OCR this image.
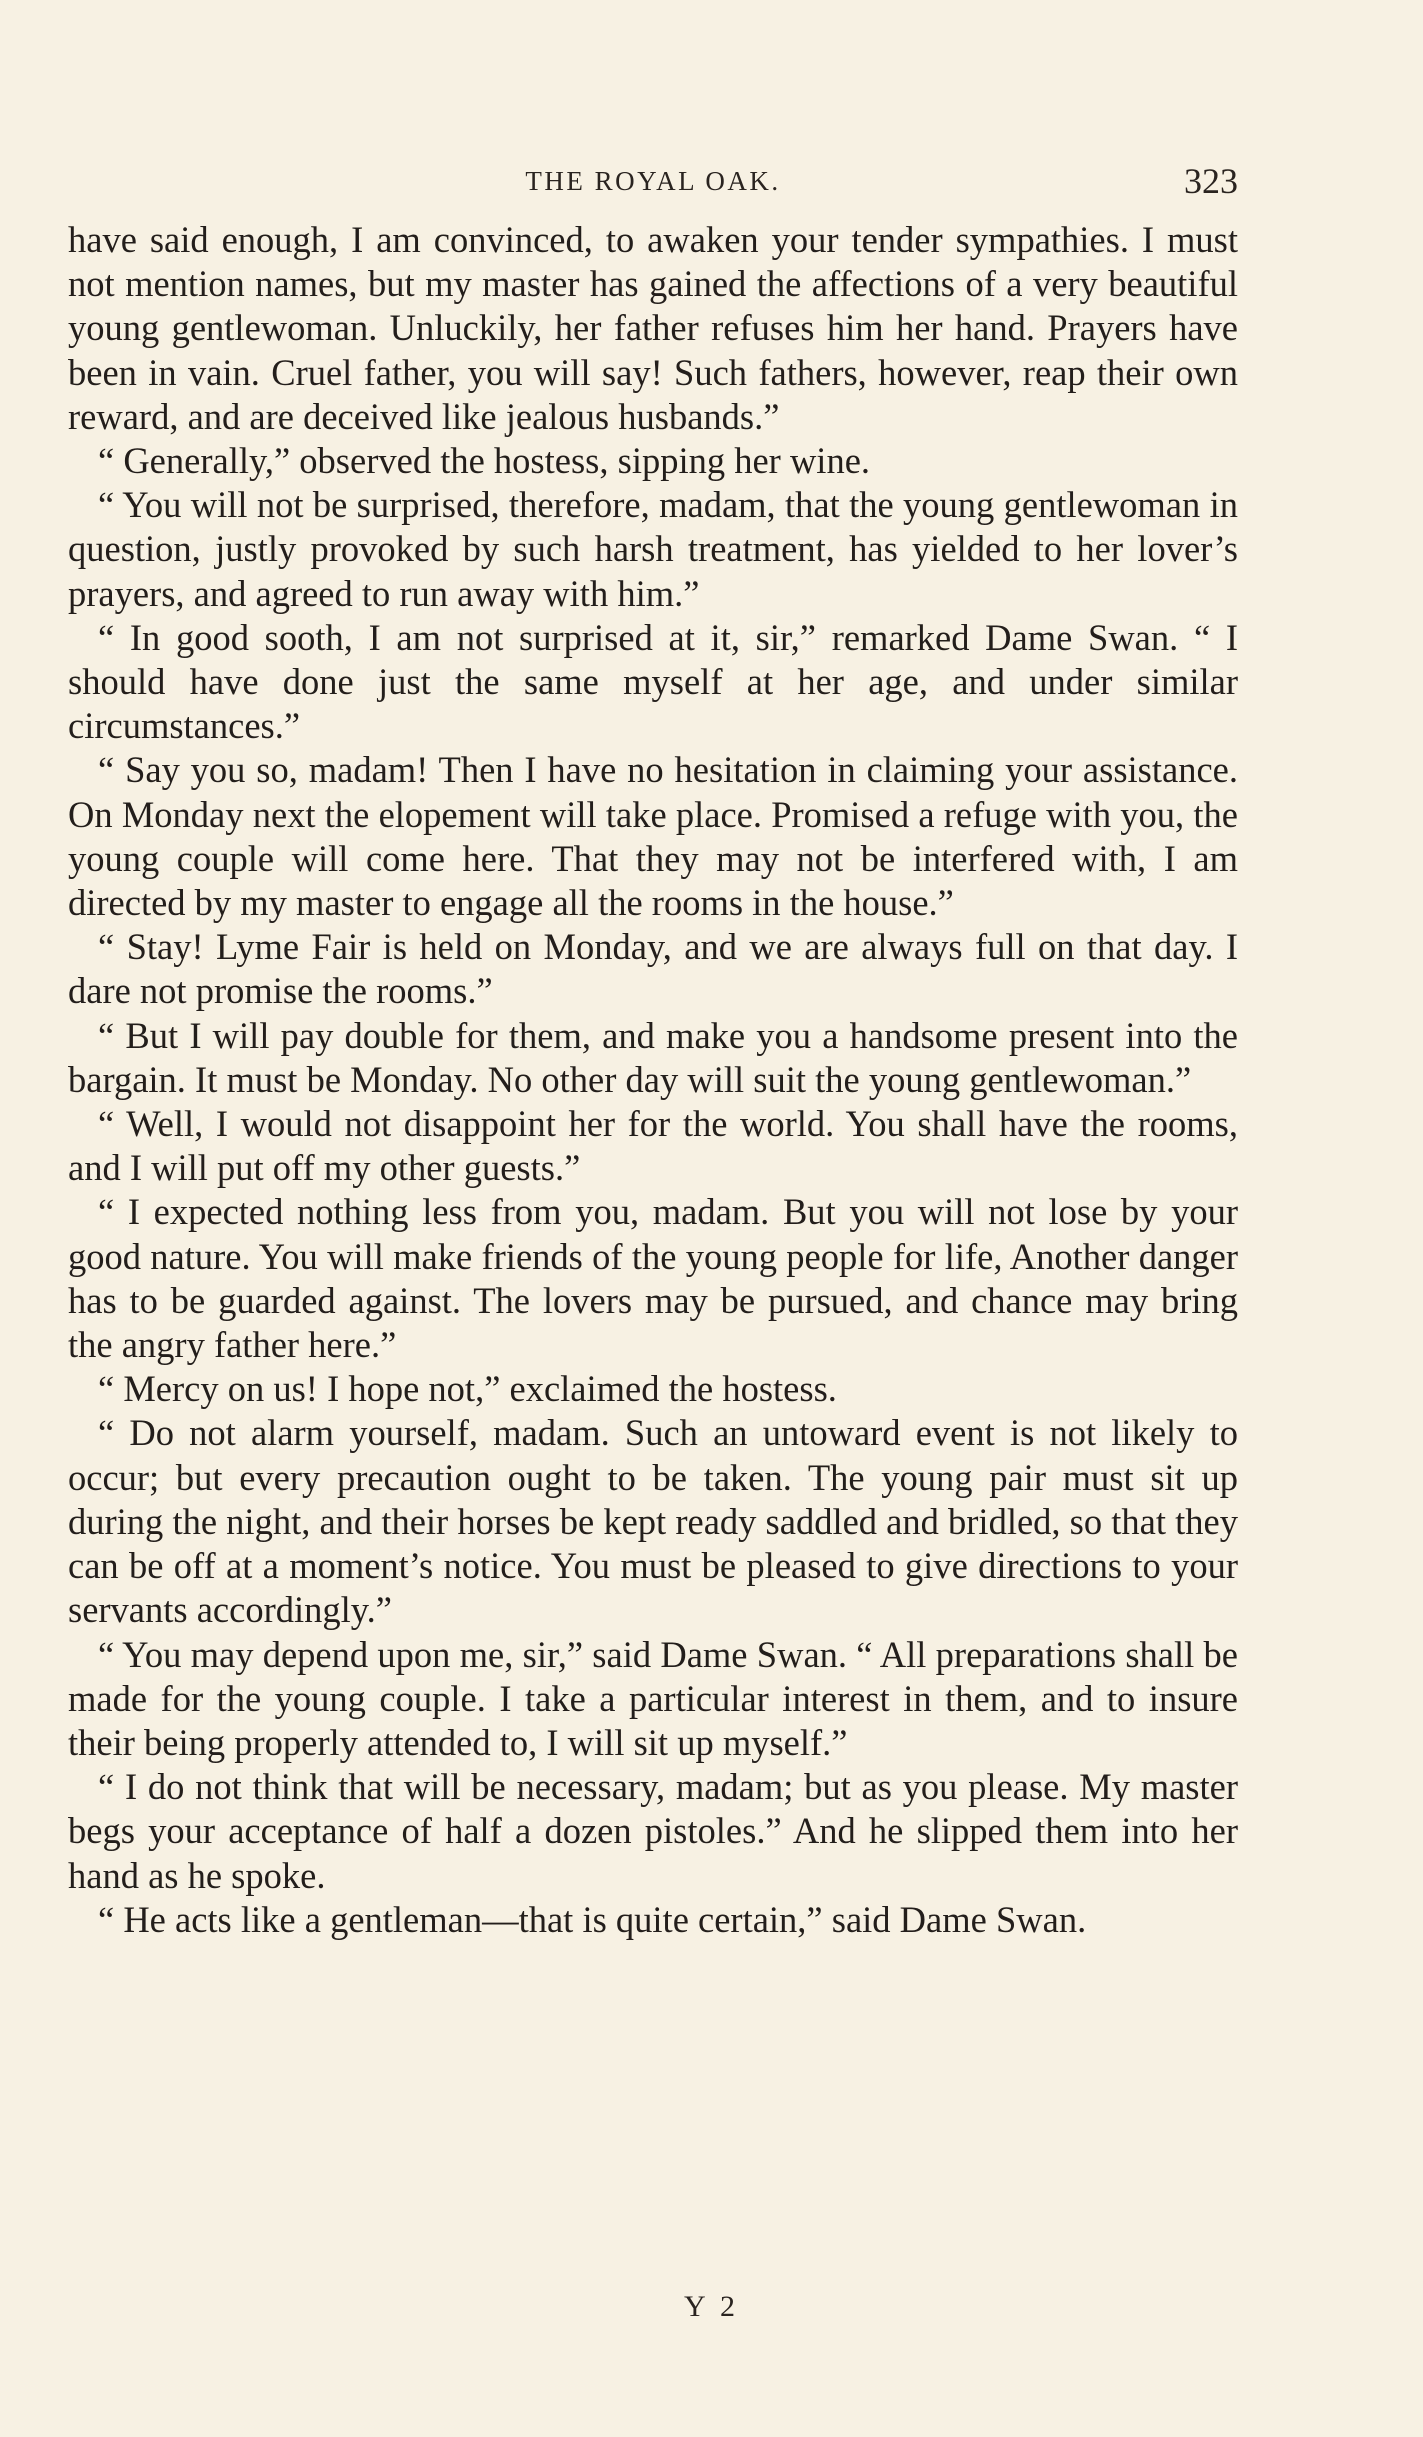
THE ROYAL OAK.	323

have said enough, I am convinced, to awaken your tender sympathies. I must not mention names, but my master has gained the affections of a very beautiful young gentlewoman. Unluckily, her father refuses him her hand. Prayers have been in vain. Cruel father, you will say! Such fathers, however, reap their own reward, and are deceived like jealous husbands.”

“ Generally,” observed the hostess, sipping her wine.

“ You will not be surprised, therefore, madam, that the young gentlewoman in question, justly provoked by such harsh treatment, has yielded to her lover’s prayers, and agreed to run away with him.”

“ In good sooth, I am not surprised at it, sir,” remarked Dame Swan. “ I should have done just the same myself at her age, and under similar circumstances.”

“ Say you so, madam! Then I have no hesitation in claiming your assistance. On Monday next the elopement will take place. Promised a refuge with you, the young couple will come here. That they may not be interfered with, I am directed by my master to engage all the rooms in the house.”

“ Stay! Lyme Fair is held on Monday, and we are always full on that day. I dare not promise the rooms.”

“ But I will pay double for them, and make you a handsome present into the bargain. It must be Monday. No other day will suit the young gentlewoman.”

“ Well, I would not disappoint her for the world. You shall have the rooms, and I will put off my other guests.”

“ I expected nothing less from you, madam. But you will not lose by your good nature. You will make friends of the young people for life, Another danger has to be guarded against. The lovers may be pursued, and chance may bring the angry father here.”

“ Mercy on us! I hope not,” exclaimed the hostess.

“ Do not alarm yourself, madam. Such an untoward event is not likely to occur; but every precaution ought to be taken. The young pair must sit up during the night, and their horses be kept ready saddled and bridled, so that they can be off at a moment’s notice. You must be pleased to give directions to your servants accordingly.”

“ You may depend upon me, sir,” said Dame Swan. “ All preparations shall be made for the young couple. I take a particular interest in them, and to insure their being properly attended to, I will sit up myself.”

“ I do not think that will be necessary, madam; but as you please. My master begs your acceptance of half a dozen pistoles.” And he slipped them into her hand as he spoke.

“ He acts like a gentleman—that is quite certain,” said Dame Swan.

Y 2
